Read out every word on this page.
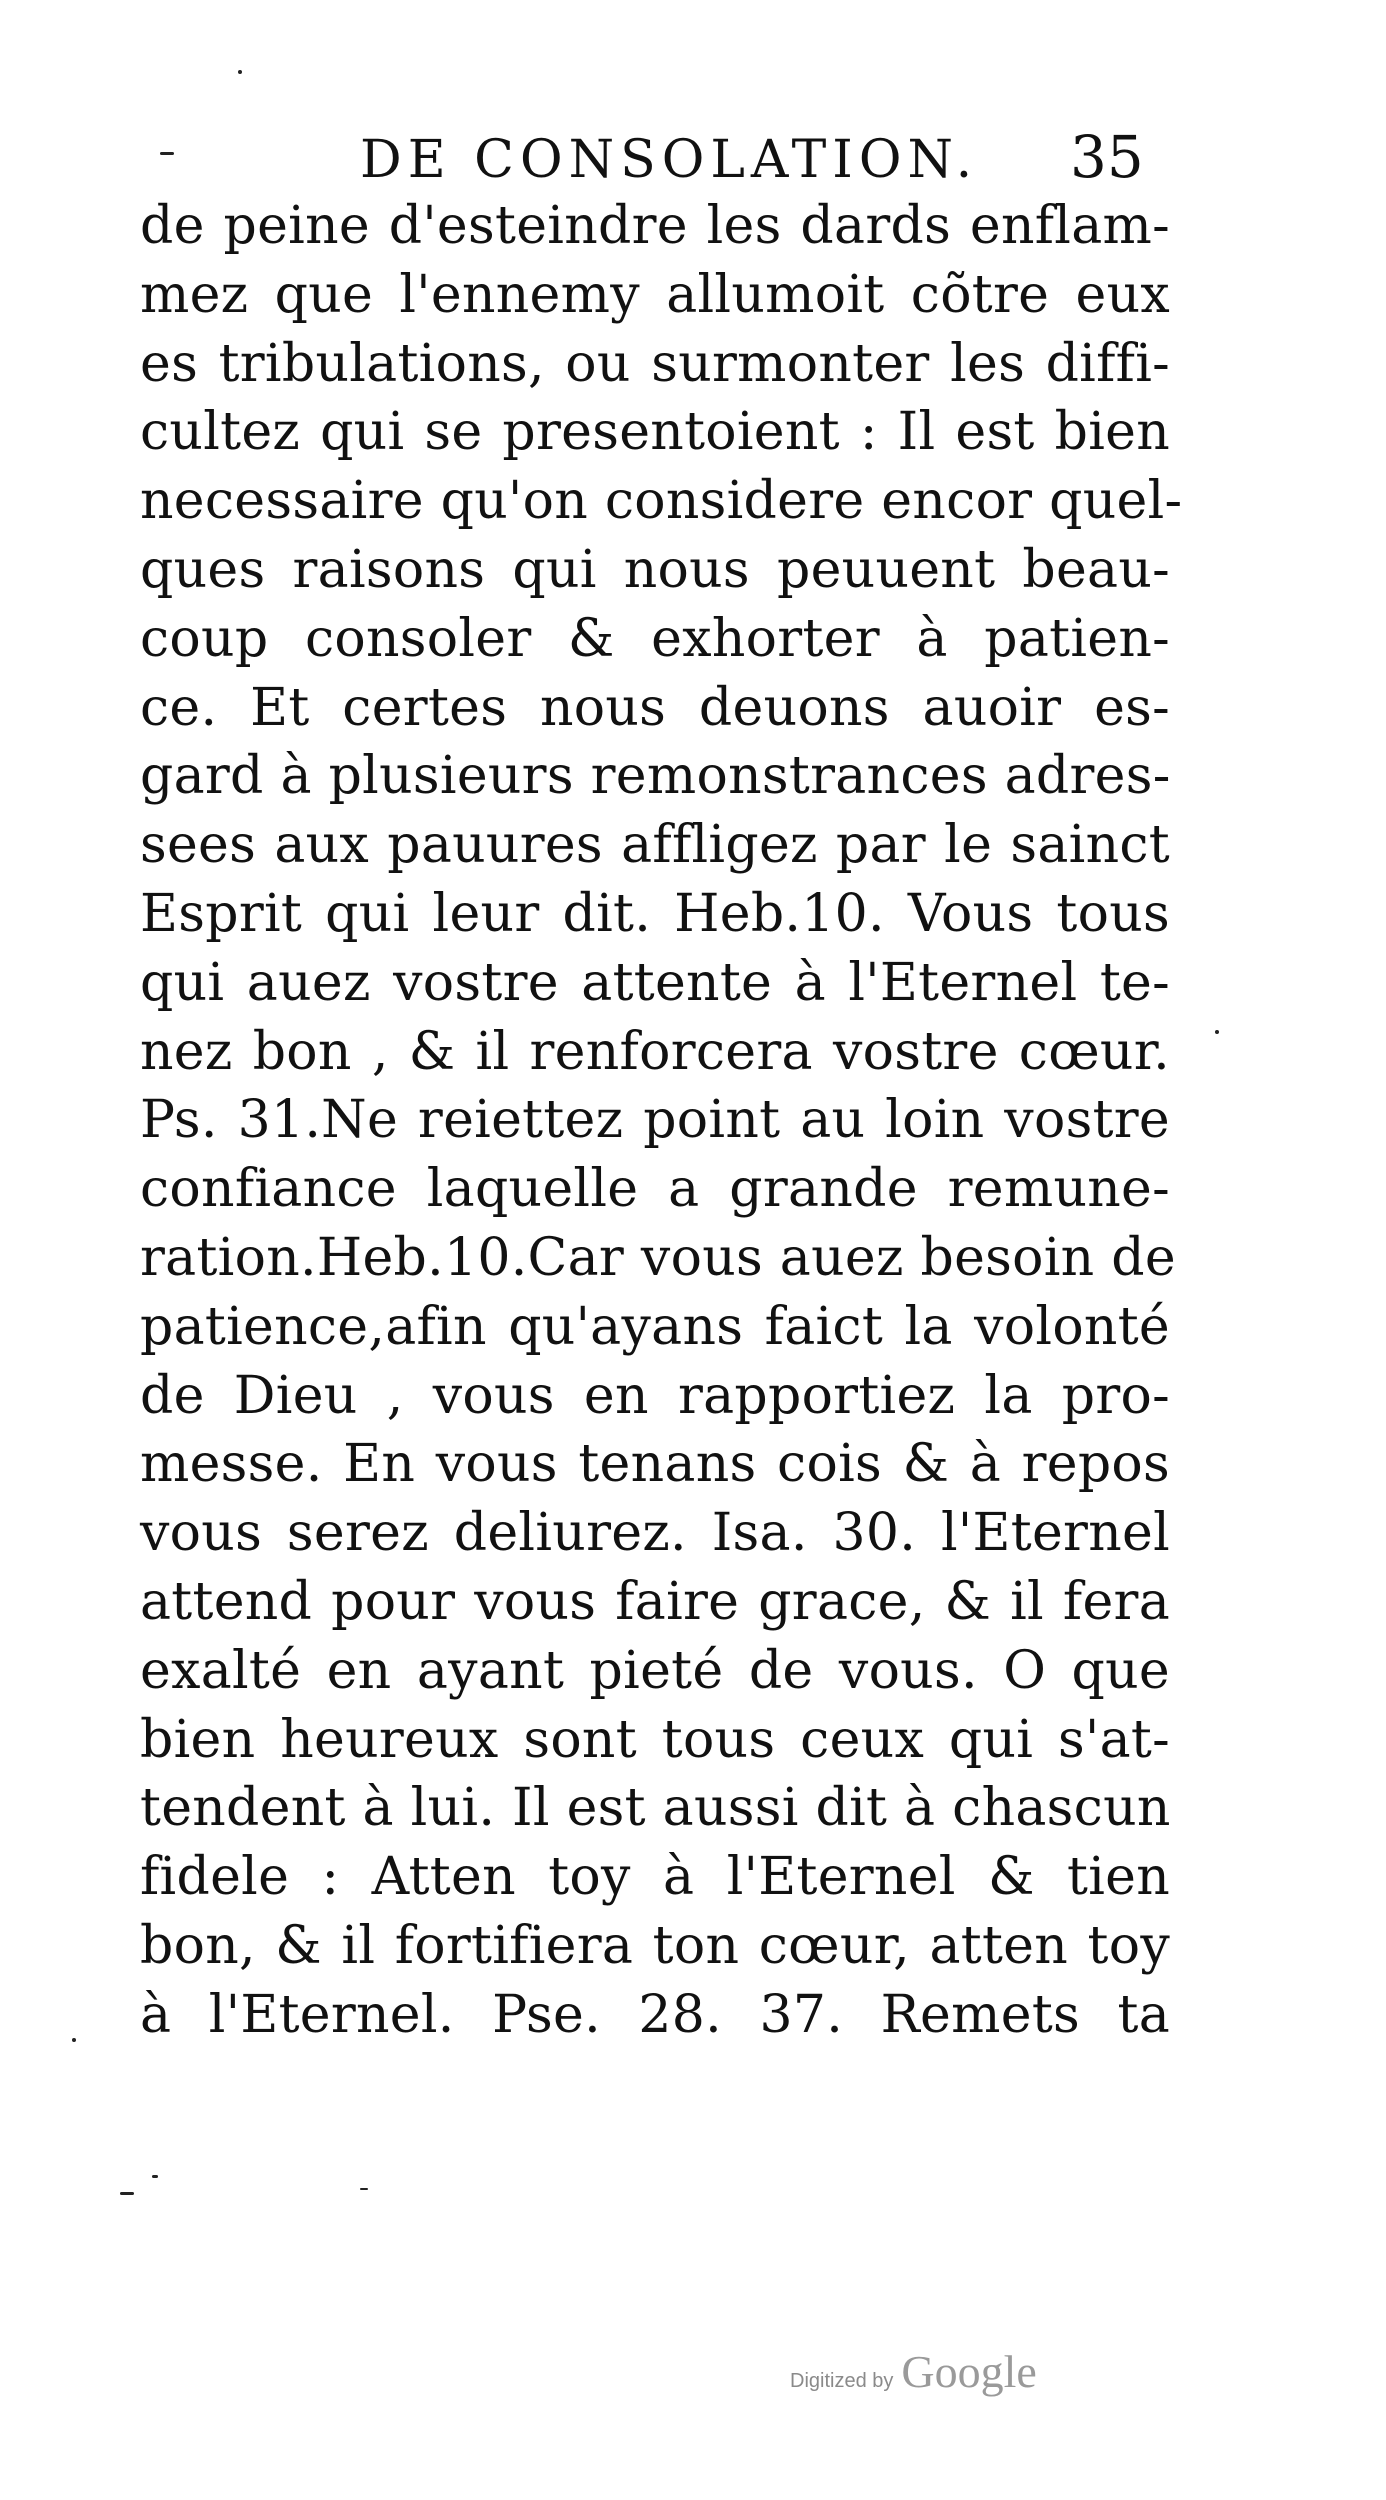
DE CONSOLATION.	35
de peine d'esteindre les dards enflam-
mez que l'ennemy allumoit cõtre eux
es tribulations, ou surmonter les diffi-
cultez qui se presentoient : Il est bien
necessaire qu'on considere encor quel-
ques raisons qui nous peuuent beau-
coup consoler & exhorter à patien-
ce. Et certes nous deuons auoir es-
gard à plusieurs remonstrances adres-
sees aux pauures affligez par le sainct
Esprit qui leur dit. Heb.10. Vous tous
qui auez vostre attente à l'Eternel te-
nez bon , & il renforcera vostre cœur.
Ps. 31.Ne reiettez point au loin vostre
confiance laquelle a grande remune-
ration.Heb.10.Car vous auez besoin de
patience,afin qu'ayans faict la volonté
de Dieu , vous en rapportiez la pro-
messe. En vous tenans cois & à repos
vous serez deliurez. Isa. 30. l'Eternel
attend pour vous faire grace, & il fera
exalté en ayant pieté de vous. O que
bien heureux sont tous ceux qui s'at-
tendent à lui. Il est aussi dit à chascun
fidele : Atten toy à l'Eternel & tien
bon, & il fortifiera ton cœur, atten toy
à l'Eternel. Pse. 28. 37. Remets ta
Digitized by Google
